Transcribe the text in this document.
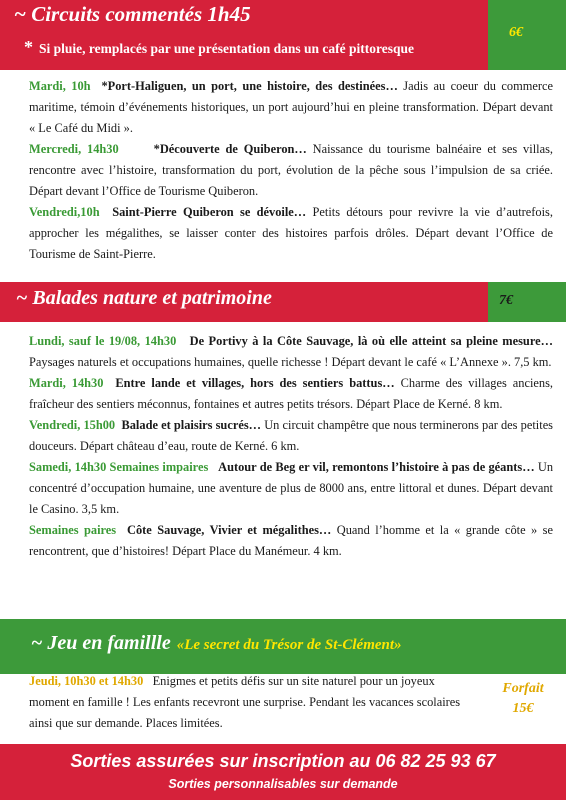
~ Circuits commentés 1h45
* Si pluie, remplacés par une présentation dans un café pittoresque
6€

Mardi, 10h *Port-Haliguen, un port, une histoire, des destinées… Jadis au coeur du commerce maritime, témoin d’événements historiques, un port aujourd’hui en pleine transformation. Départ devant « Le Café du Midi ».

Mercredi, 14h30	*Découverte de Quiberon… Naissance du tourisme balnéaire et ses villas, rencontre avec l’histoire, transformation du port, évolution de la pêche sous l’impulsion de sa criée. Départ devant l’Office de Tourisme Quiberon.

Vendredi,10h Saint-Pierre Quiberon se dévoile… Petits détours pour revivre la vie d’autrefois, approcher les mégalithes, se laisser conter des histoires parfois drôles. Départ devant l’Office de Tourisme de Saint-Pierre.

~ Balades nature et patrimoine	7€

Lundi, sauf le 19/08, 14h30 De Portivy à la Côte Sauvage, là où elle atteint sa pleine mesure… Paysages naturels et occupations humaines, quelle richesse ! Départ devant le café « L’Annexe ». 7,5 km.

Mardi, 14h30 Entre lande et villages, hors des sentiers battus… Charme des villages anciens, fraîcheur des sentiers méconnus, fontaines et autres petits trésors. Départ Place de Kerné. 8 km.

Vendredi, 15h00 Balade et plaisirs sucrés… Un circuit champêtre que nous terminerons par des petites douceurs. Départ château d’eau, route de Kerné. 6 km.

Samedi, 14h30 Semaines impaires Autour de Beg er vil, remontons l’histoire à pas de géants… Un concentré d’occupation humaine, une aventure de plus de 8000 ans, entre littoral et dunes. Départ devant le Casino. 3,5 km.

Semaines paires Côte Sauvage, Vivier et mégalithes… Quand l’homme et la « grande côte » se rencontrent, que d’histoires! Départ Place du Manémeur. 4 km.

~ Jeu en famillle «Le secret du Trésor de St-Clément»

Jeudi, 10h30 et 14h30   Enigmes et petits défis sur un site naturel pour un joyeux moment en famille ! Les enfants recevront une surprise. Pendant les vacances scolaires ainsi que sur demande. Places limitées.

Forfait
15€
Sorties assurées sur inscription au 06 82 25 93 67
Sorties personnalisables sur demande
